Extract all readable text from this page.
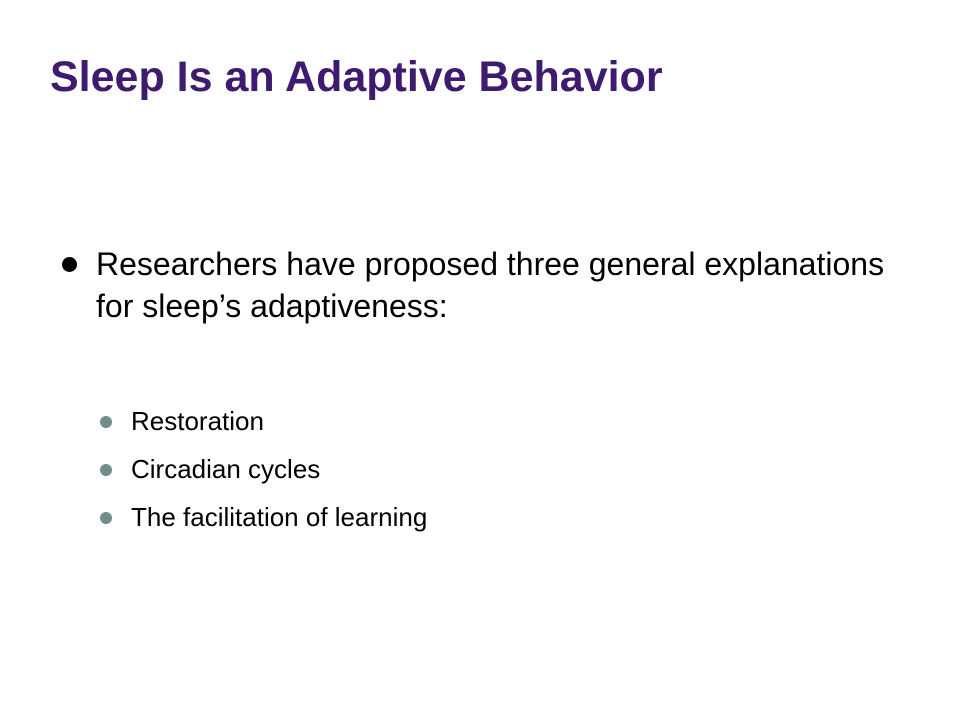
Sleep Is an Adaptive Behavior
Researchers have proposed three general explanations for sleep’s adaptiveness:
Restoration
Circadian cycles
The facilitation of learning
